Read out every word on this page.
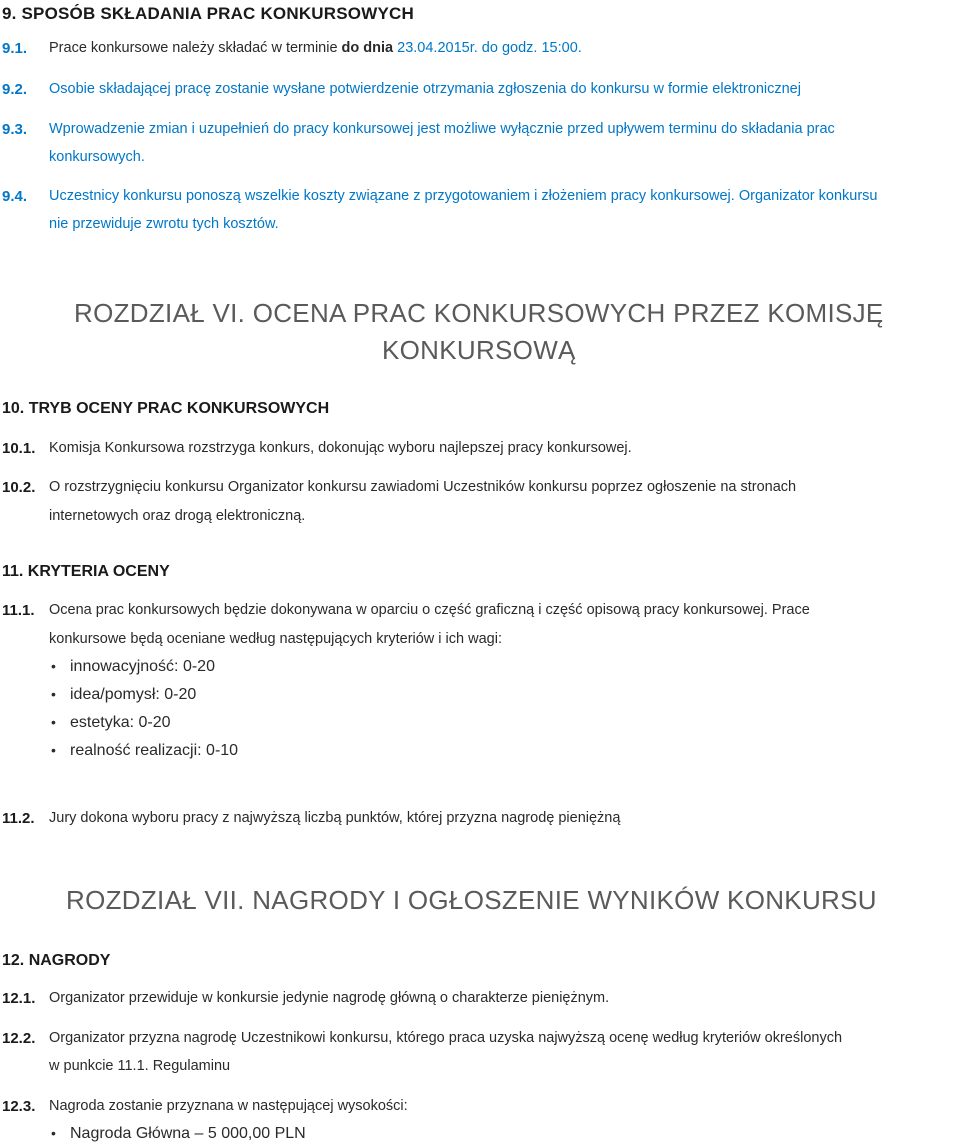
9. SPOSÓB SKŁADANIA PRAC KONKURSOWYCH
9.1. Prace konkursowe należy składać w terminie do dnia 23.04.2015r. do godz. 15:00.
9.2. Osobie składającej pracę zostanie wysłane potwierdzenie otrzymania zgłoszenia do konkursu w formie elektronicznej
9.3. Wprowadzenie zmian i uzupełnień do pracy konkursowej jest możliwe wyłącznie przed upływem terminu do składania prac
konkursowych.
9.4. Uczestnicy konkursu ponoszą wszelkie koszty związane z przygotowaniem i złożeniem pracy konkursowej. Organizator konkursu
nie przewiduje zwrotu tych kosztów.
ROZDZIAŁ VI. OCENA PRAC KONKURSOWYCH PRZEZ KOMISJĘ
KONKURSOWĄ
10. TRYB OCENY PRAC KONKURSOWYCH
10.1. Komisja Konkursowa rozstrzyga konkurs, dokonując wyboru najlepszej pracy konkursowej.
10.2. O rozstrzygnięciu konkursu Organizator konkursu zawiadomi Uczestników konkursu poprzez ogłoszenie na stronach
internetowych oraz drogą elektroniczną.
11. KRYTERIA OCENY
11.1. Ocena prac konkursowych będzie dokonywana w oparciu o część graficzną i część opisową pracy konkursowej. Prace
konkursowe będą oceniane według następujących kryteriów i ich wagi:
• innowacyjność: 0-20
• idea/pomysł: 0-20
• estetyka: 0-20
• realność realizacji: 0-10
11.2. Jury dokona wyboru pracy z najwyższą liczbą punktów, której przyzna nagrodę pieniężną
ROZDZIAŁ VII. NAGRODY I OGŁOSZENIE WYNIKÓW KONKURSU
12. NAGRODY
12.1. Organizator przewiduje w konkursie jedynie nagrodę główną o charakterze pieniężnym.
12.2. Organizator przyzna nagrodę Uczestnikowi konkursu, którego praca uzyska najwyższą ocenę według kryteriów określonych
w punkcie 11.1. Regulaminu
12.3. Nagroda zostanie przyznana w następującej wysokości:
• Nagroda Główna – 5 000,00 PLN
